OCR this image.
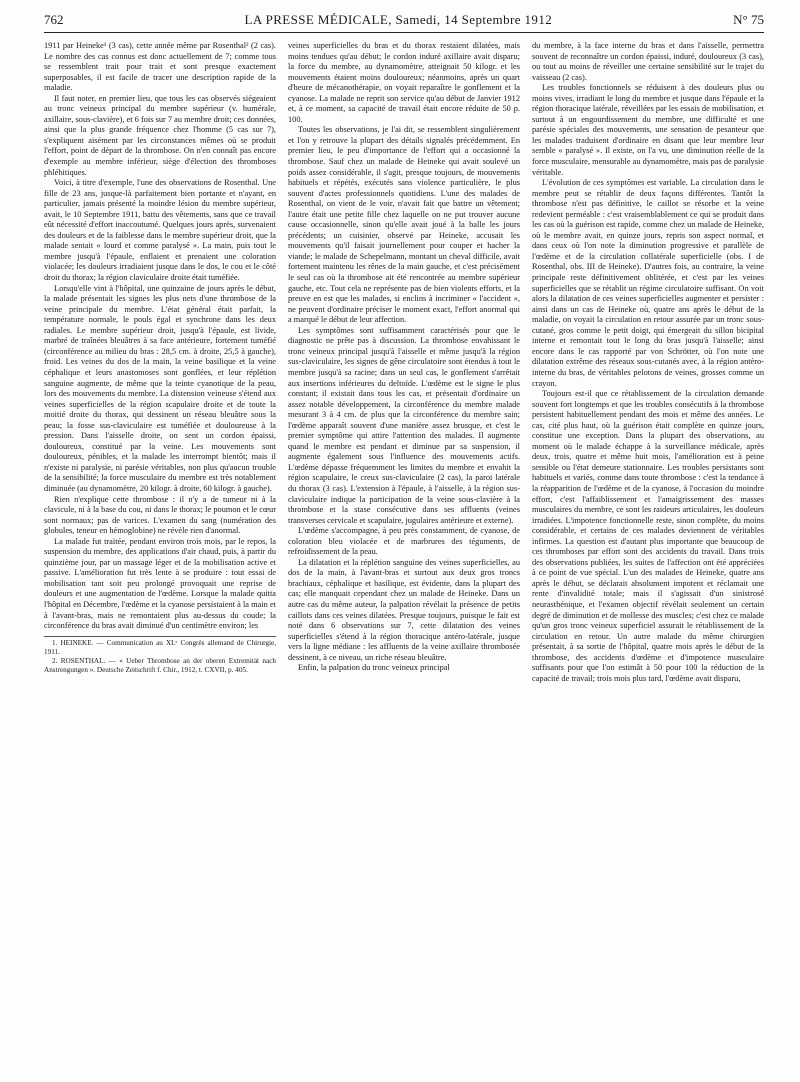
762	LA PRESSE MÉDICALE, Samedi, 14 Septembre 1912	N° 75

1911 par Heineke¹ (3 cas), cette année même par Rosenthal² (2 cas). Le nombre des cas connus est donc actuellement de 7; comme tous se ressemblent trait pour trait et sont presque exactement superposables, il est facile de tracer une description rapide de la maladie.

Il faut noter, en premier lieu, que tous les cas observés siégeaient au tronc veineux principal du membre supérieur (v. humérale, axillaire, sous-clavière), et 6 fois sur 7 au membre droit; ces données, ainsi que la plus grande fréquence chez l'homme (5 cas sur 7), s'expliquent aisément par les circonstances mêmes où se produit l'effort, point de départ de la thrombose. On n'en connaît pas encore d'exemple au membre inférieur, siège d'élection des thromboses phlébitiques.

Voici, à titre d'exemple, l'une des observations de Rosenthal. Une fille de 23 ans, jusque-là parfaitement bien portante et n'ayant, en particulier, jamais présenté la moindre lésion du membre supérieur, avait, le 10 Septembre 1911, battu des vêtements, sans que ce travail eût nécessité d'effort inaccoutumé. Quelques jours après, survenaient des douleurs et de la faiblesse dans le membre supérieur droit, que la malade sentait « lourd et comme paralysé ». La main, puis tout le membre jusqu'à l'épaule, enflaient et prenaient une coloration violacée; les douleurs irradiaient jusque dans le dos, le cou et le côté droit du thorax; la région claviculaire droite était tuméfiée.

Lorsqu'elle vint à l'hôpital, une quinzaine de jours après le début, la malade présentait les signes les plus nets d'une thrombose de la veine principale du membre. L'état général était parfait, la température normale, le pouls égal et synchrone dans les deux radiales. Le membre supérieur droit, jusqu'à l'épaule, est livide, marbré de traînées bleuâtres à sa face antérieure, fortement tuméfié (circonférence au milieu du bras : 28,5 cm. à droite, 25,5 à gauche), froid. Les veines du dos de la main, la veine basilique et la veine céphalique et leurs anastomoses sont gonflées, et leur réplétion sanguine augmente, de même que la teinte cyanotique de la peau, lors des mouvements du membre. La distension veineuse s'étend aux veines superficielles de la région scapulaire droite et de toute la moitié droite du thorax, qui dessinent un réseau bleuâtre sous la peau; la fosse sus-claviculaire est tuméfiée et douloureuse à la pression. Dans l'aisselle droite, on sent un cordon épaissi, douloureux, constitué par la veine. Les mouvements sont douloureux, pénibles, et la malade les interrompt bientôt; mais il n'existe ni paralysie, ni parésie véritables, non plus qu'aucun trouble de la sensibilité; la force musculaire du membre est très notablement diminuée (au dynamomètre, 20 kilogr. à droite, 60 kilogr. à gauche).

Rien n'explique cette thrombose : il n'y a de tumeur ni à la clavicule, ni à la base du cou, ni dans le thorax; le poumon et le cœur sont normaux; pas de varices. L'examen du sang (numération des globules, teneur en hémoglobine) ne révèle rien d'anormal.

La malade fut traitée, pendant environ trois mois, par le repos, la suspension du membre, des applications d'air chaud, puis, à partir du quinzième jour, par un massage léger et de la mobilisation active et passive. L'amélioration fut très lente à se produire : tout essai de mobilisation tant soit peu prolongé provoquait une reprise de douleurs et une augmentation de l'œdème. Lorsque la malade quitta l'hôpital en Décembre, l'œdème et la cyanose persistaient à la main et à l'avant-bras, mais ne remontaient plus au-dessus du coude; la circonférence du bras avait diminué d'un centimètre environ; les

1. HEINEKE. — Communication au XLᵉ Congrès allemand de Chirurgie, 1911.

2. ROSENTHAL. — « Ueber Thrombose an der oberen Extremität nach Anstrengungen ». Deutsche Zeitschrift f. Chir., 1912, t. CXVII, p. 405.

veines superficielles du bras et du thorax restaient dilatées, mais moins tendues qu'au début; le cordon induré axillaire avait disparu; la force du membre, au dynamomètre, atteignait 50 kilogr. et les mouvements étaient moins douloureux; néanmoins, après un quart d'heure de mécanothérapie, on voyait reparaître le gonflement et la cyanose. La malade ne reprit son service qu'au début de Janvier 1912 et, à ce moment, sa capacité de travail était encore réduite de 50 p. 100.

Toutes les observations, je l'ai dit, se ressemblent singulièrement et l'on y retrouve la plupart des détails signalés précédemment. En premier lieu, le peu d'importance de l'effort qui a occasionné la thrombose. Sauf chez un malade de Heineke qui avait soulevé un poids assez considérable, il s'agit, presque toujours, de mouvements habituels et répétés, exécutés sans violence particulière, le plus souvent d'actes professionnels quotidiens. L'une des malades de Rosenthal, on vient de le voir, n'avait fait que battre un vêtement; l'autre était une petite fille chez laquelle on ne put trouver aucune cause occasionnelle, sinon qu'elle avait joué à la balle les jours précédents; un cuisinier, observé par Heineke, accusait les mouvements qu'il faisait journellement pour couper et hacher la viande; le malade de Schepelmann, montant un cheval difficile, avait fortement maintenu les rênes de la main gauche, et c'est précisément le seul cas où la thrombose ait été rencontrée au membre supérieur gauche, etc. Tout cela ne représente pas de bien violents efforts, et la preuve en est que les malades, si enclins à incriminer « l'accident », ne peuvent d'ordinaire préciser le moment exact, l'effort anormal qui a marqué le début de leur affection.

Les symptômes sont suffisamment caractérisés pour que le diagnostic ne prête pas à discussion. La thrombose envahissant le tronc veineux principal jusqu'à l'aisselle et même jusqu'à la région sus-claviculaire, les signes de gêne circulatoire sont étendus à tout le membre jusqu'à sa racine; dans un seul cas, le gonflement s'arrêtait aux insertions inférieures du deltoïde. L'œdème est le signe le plus constant; il existait dans tous les cas, et présentait d'ordinaire un assez notable développement, la circonférence du membre malade mesurant 3 à 4 cm. de plus que la circonférence du membre sain; l'œdème apparaît souvent d'une manière assez brusque, et c'est le premier symptôme qui attire l'attention des malades. Il augmente quand le membre est pendant et diminue par sa suspension, il augmente également sous l'influence des mouvements actifs. L'œdème dépasse fréquemment les limites du membre et envahit la région scapulaire, le creux sus-claviculaire (2 cas), la paroi latérale du thorax (3 cas). L'extension à l'épaule, à l'aisselle, à la région sus-claviculaire indique la participation de la veine sous-clavière à la thrombose et la stase consécutive dans ses affluents (veines transverses cervicale et scapulaire, jugulaires antérieure et externe).

L'œdème s'accompagne, à peu près constamment, de cyanose, de coloration bleu violacée et de marbrures des téguments, de refroidissement de la peau.

La dilatation et la réplétion sanguine des veines superficielles, au dos de la main, à l'avant-bras et surtout aux deux gros troncs brachiaux, céphalique et basilique, est évidente, dans la plupart des cas; elle manquait cependant chez un malade de Heineke. Dans un autre cas du même auteur, la palpation révélait la présence de petits caillots dans ces veines dilatées. Presque toujours, puisque le fait est noté dans 6 observations sur 7, cette dilatation des veines superficielles s'étend à la région thoracique antéro-latérale, jusque vers la ligne médiane : les affluents de la veine axillaire thrombosée dessinent, à ce niveau, un riche réseau bleuâtre.

Enfin, la palpation du tronc veineux principal

du membre, à la face interne du bras et dans l'aisselle, permettra souvent de reconnaître un cordon épaissi, induré, douloureux (3 cas), ou tout au moins de réveiller une certaine sensibilité sur le trajet du vaisseau (2 cas).

Les troubles fonctionnels se réduisent à des douleurs plus ou moins vives, irradiant le long du membre et jusque dans l'épaule et la région thoracique latérale, réveillées par les essais de mobilisation, et surtout à un engourdissement du membre, une difficulté et une parésie spéciales des mouvements, une sensation de pesanteur que les malades traduisent d'ordinaire en disant que leur membre leur semble « paralysé ». Il existe, on l'a vu, une diminution réelle de la force musculaire, mensurable au dynamomètre, mais pas de paralysie véritable.

L'évolution de ces symptômes est variable. La circulation dans le membre peut se rétablir de deux façons différentes. Tantôt la thrombose n'est pas définitive, le caillot se résorbe et la veine redevient perméable : c'est vraisemblablement ce qui se produit dans les cas où la guérison est rapide, comme chez un malade de Heineke, où le membre avait, en quinze jours, repris son aspect normal, et dans ceux où l'on note la diminution progressive et parallèle de l'œdème et de la circulation collatérale superficielle (obs. I de Rosenthal, obs. III de Heineke). D'autres fois, au contraire, la veine principale reste définitivement oblitérée, et c'est par les veines superficielles que se rétablit un régime circulatoire suffisant. On voit alors la dilatation de ces veines superficielles augmenter et persister : ainsi dans un cas de Heineke où, quatre ans après le début de la maladie, on voyait la circulation en retour assurée par un tronc sous-cutané, gros comme le petit doigt, qui émergeait du sillon bicipital interne et remontait tout le long du bras jusqu'à l'aisselle; ainsi encore dans le cas rapporté par von Schrötter, où l'on note une dilatation extrême des réseaux sous-cutanés avec, à la région antéro-interne du bras, de véritables pelotons de veines, grosses comme un crayon.

Toujours est-il que ce rétablissement de la circulation demande souvent fort longtemps et que les troubles consécutifs à la thrombose persistent habituellement pendant des mois et même des années. Le cas, cité plus haut, où la guérison était complète en quinze jours, constitue une exception. Dans la plupart des observations, au moment où le malade échappe à la surveillance médicale, après deux, trois, quatre et même huit mois, l'amélioration est à peine sensible ou l'état demeure stationnaire. Les troubles persistants sont habituels et variés, comme dans toute thrombose : c'est la tendance à la réapparition de l'œdème et de la cyanose, à l'occasion du moindre effort, c'est l'affaiblissement et l'amaigrissement des masses musculaires du membre, ce sont les raideurs articulaires, les douleurs irradiées. L'impotence fonctionnelle reste, sinon complète, du moins considérable, et certains de ces malades deviennent de véritables infirmes. La question est d'autant plus importante que beaucoup de ces thromboses par effort sont des accidents du travail. Dans trois des observations publiées, les suites de l'affection ont été appréciées à ce point de vue spécial. L'un des malades de Heineke, quatre ans après le début, se déclarait absolument impotent et réclamait une rente d'invalidité totale; mais il s'agissait d'un sinistrosé neurasthénique, et l'examen objectif révélait seulement un certain degré de diminution et de mollesse des muscles; c'est chez ce malade qu'un gros tronc veineux superficiel assurait le rétablissement de la circulation en retour. Un autre malade du même chirurgien présentait, à sa sortie de l'hôpital, quatre mois après le début de la thrombose, des accidents d'œdème et d'impotence musculaire suffisants pour que l'on estimât à 50 pour 100 la réduction de la capacité de travail; trois mois plus tard, l'œdème avait disparu,
